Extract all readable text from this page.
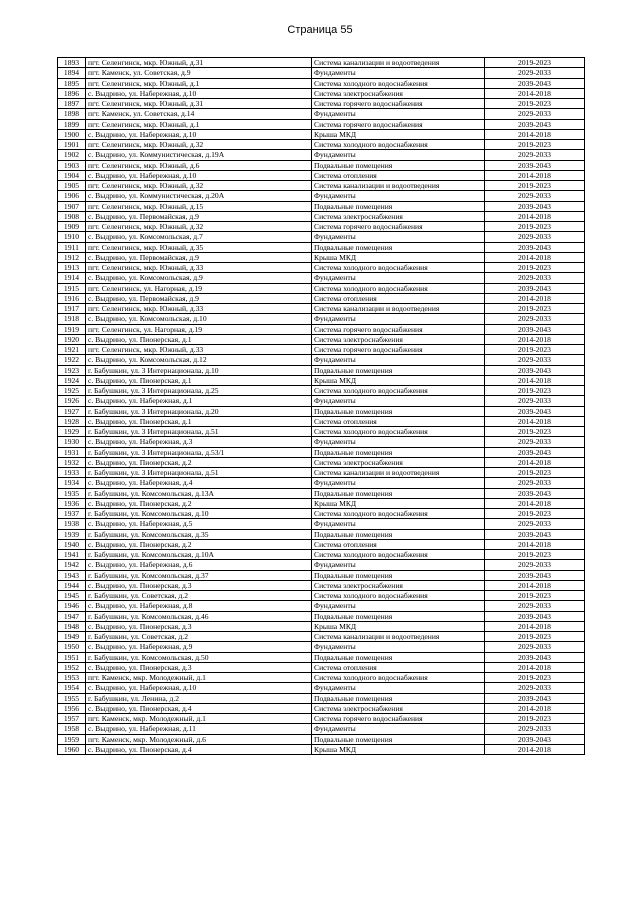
Страница 55
1893	пгт. Селенгинск, мкр. Южный, д.31	Система канализации и водоотведения	2019-2023
1894	пгт. Каменск, ул. Советская, д.9	Фундаменты	2029-2033
1895	пгт. Селенгинск, мкр. Южный, д.1	Система холодного водоснабжения	2039-2043
1896	с. Выдрино, ул. Набережная, д.10	Система электроснабжения	2014-2018
1897	пгт. Селенгинск, мкр. Южный, д.31	Система горячего водоснабжения	2019-2023
1898	пгт. Каменск, ул. Советская, д.14	Фундаменты	2029-2033
1899	пгт. Селенгинск, мкр. Южный, д.1	Система горячего водоснабжения	2039-2043
1900	с. Выдрино, ул. Набережная, д.10	Крыша МКД	2014-2018
1901	пгт. Селенгинск, мкр. Южный, д.32	Система холодного водоснабжения	2019-2023
1902	с. Выдрино, ул. Коммунистическая, д.19А	Фундаменты	2029-2033
1903	пгт. Селенгинск, мкр. Южный, д.6	Подвальные помещения	2039-2043
1904	с. Выдрино, ул. Набережная, д.10	Система отопления	2014-2018
1905	пгт. Селенгинск, мкр. Южный, д.32	Система канализации и водоотведения	2019-2023
1906	с. Выдрино, ул. Коммунистическая, д.20А	Фундаменты	2029-2033
1907	пгт. Селенгинск, мкр. Южный, д.15	Подвальные помещения	2039-2043
1908	с. Выдрино, ул. Первомайская, д.9	Система электроснабжения	2014-2018
1909	пгт. Селенгинск, мкр. Южный, д.32	Система горячего водоснабжения	2019-2023
1910	с. Выдрино, ул. Комсомольская, д.7	Фундаменты	2029-2033
1911	пгт. Селенгинск, мкр. Южный, д.35	Подвальные помещения	2039-2043
1912	с. Выдрино, ул. Первомайская, д.9	Крыша МКД	2014-2018
1913	пгт. Селенгинск, мкр. Южный, д.33	Система холодного водоснабжения	2019-2023
1914	с. Выдрино, ул. Комсомольская, д.9	Фундаменты	2029-2033
1915	пгт. Селенгинск, ул. Нагорная, д.19	Система холодного водоснабжения	2039-2043
1916	с. Выдрино, ул. Первомайская, д.9	Система отопления	2014-2018
1917	пгт. Селенгинск, мкр. Южный, д.33	Система канализации и водоотведения	2019-2023
1918	с. Выдрино, ул. Комсомольская, д.10	Фундаменты	2029-2033
1919	пгт. Селенгинск, ул. Нагорная, д.19	Система горячего водоснабжения	2039-2043
1920	с. Выдрино, ул. Пионерская, д.1	Система электроснабжения	2014-2018
1921	пгт. Селенгинск, мкр. Южный, д.33	Система горячего водоснабжения	2019-2023
1922	с. Выдрино, ул. Комсомольская, д.12	Фундаменты	2029-2033
1923	г. Бабушкин, ул. 3 Интернационала, д.10	Подвальные помещения	2039-2043
1924	с. Выдрино, ул. Пионерская, д.1	Крыша МКД	2014-2018
1925	г. Бабушкин, ул. 3 Интернационала, д.25	Система холодного водоснабжения	2019-2023
1926	с. Выдрино, ул. Набережная, д.1	Фундаменты	2029-2033
1927	г. Бабушкин, ул. 3 Интернационала, д.20	Подвальные помещения	2039-2043
1928	с. Выдрино, ул. Пионерская, д.1	Система отопления	2014-2018
1929	г. Бабушкин, ул. 3 Интернационала, д.51	Система холодного водоснабжения	2019-2023
1930	с. Выдрино, ул. Набережная, д.3	Фундаменты	2029-2033
1931	г. Бабушкин, ул. 3 Интернационала, д.53/1	Подвальные помещения	2039-2043
1932	с. Выдрино, ул. Пионерская, д.2	Система электроснабжения	2014-2018
1933	г. Бабушкин, ул. 3 Интернационала, д.51	Система канализации и водоотведения	2019-2023
1934	с. Выдрино, ул. Набережная, д.4	Фундаменты	2029-2033
1935	г. Бабушкин, ул. Комсомольская, д.13А	Подвальные помещения	2039-2043
1936	с. Выдрино, ул. Пионерская, д.2	Крыша МКД	2014-2018
1937	г. Бабушкин, ул. Комсомольская, д.10	Система холодного водоснабжения	2019-2023
1938	с. Выдрино, ул. Набережная, д.5	Фундаменты	2029-2033
1939	г. Бабушкин, ул. Комсомольская, д.35	Подвальные помещения	2039-2043
1940	с. Выдрино, ул. Пионерская, д.2	Система отопления	2014-2018
1941	г. Бабушкин, ул. Комсомольская, д.10А	Система холодного водоснабжения	2019-2023
1942	с. Выдрино, ул. Набережная, д.6	Фундаменты	2029-2033
1943	г. Бабушкин, ул. Комсомольская, д.37	Подвальные помещения	2039-2043
1944	с. Выдрино, ул. Пионерская, д.3	Система электроснабжения	2014-2018
1945	г. Бабушкин, ул. Советская, д.2	Система холодного водоснабжения	2019-2023
1946	с. Выдрино, ул. Набережная, д.8	Фундаменты	2029-2033
1947	г. Бабушкин, ул. Комсомольская, д.46	Подвальные помещения	2039-2043
1948	с. Выдрино, ул. Пионерская, д.3	Крыша МКД	2014-2018
1949	г. Бабушкин, ул. Советская, д.2	Система канализации и водоотведения	2019-2023
1950	с. Выдрино, ул. Набережная, д.9	Фундаменты	2029-2033
1951	г. Бабушкин, ул. Комсомольская, д.50	Подвальные помещения	2039-2043
1952	с. Выдрино, ул. Пионерская, д.3	Система отопления	2014-2018
1953	пгт. Каменск, мкр. Молодежный, д.1	Система холодного водоснабжения	2019-2023
1954	с. Выдрино, ул. Набережная, д.10	Фундаменты	2029-2033
1955	г. Бабушкин, ул. Ленина, д.2	Подвальные помещения	2039-2043
1956	с. Выдрино, ул. Пионерская, д.4	Система электроснабжения	2014-2018
1957	пгт. Каменск, мкр. Молодежный, д.1	Система горячего водоснабжения	2019-2023
1958	с. Выдрино, ул. Набережная, д.11	Фундаменты	2029-2033
1959	пгт. Каменск, мкр. Молодежный, д.6	Подвальные помещения	2039-2043
1960	с. Выдрино, ул. Пионерская, д.4	Крыша МКД	2014-2018
